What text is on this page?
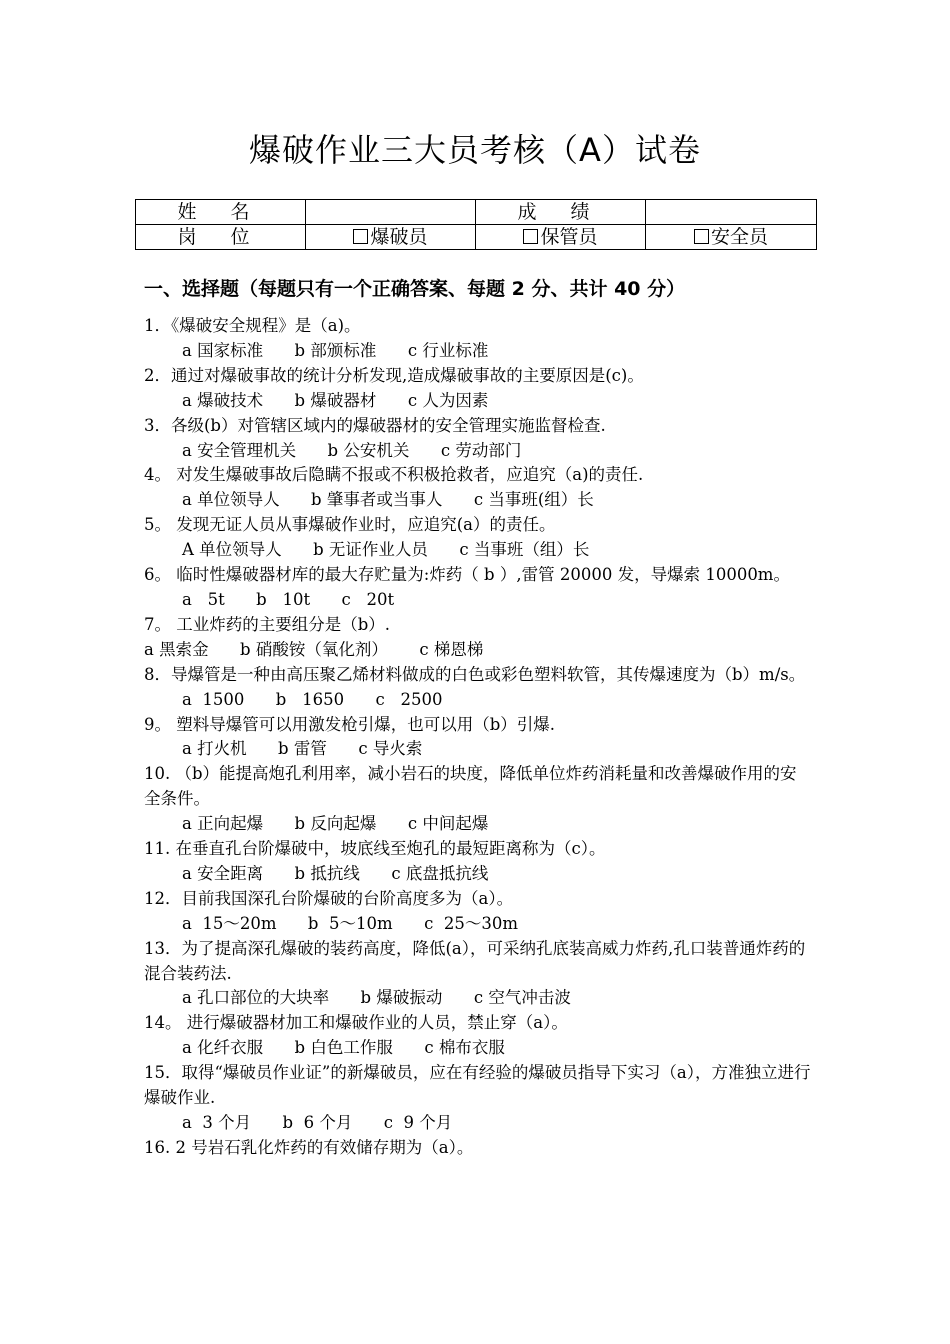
爆破作业三大员考核（A）试卷
姓 名		成 绩	
岗 位	爆破员	保管员	安全员
一、选择题（每题只有一个正确答案、每题 2 分、共计 40 分）
1．《爆破安全规程》是（a)。
a 国家标准      b 部颁标准      c 行业标准
2．通过对爆破事故的统计分析发现,造成爆破事故的主要原因是(c)。
a 爆破技术      b 爆破器材      c 人为因素
3．各级(b）对管辖区域内的爆破器材的安全管理实施监督检查.
a 安全管理机关      b 公安机关      c 劳动部门
4。 对发生爆破事故后隐瞒不报或不积极抢救者，应追究（a)的责任.
a 单位领导人      b 肇事者或当事人      c 当事班(组）长
5。 发现无证人员从事爆破作业时，应追究(a）的责任。
A 单位领导人      b 无证作业人员      c 当事班（组）长
6。 临时性爆破器材库的最大存贮量为:炸药（ b ）,雷管 20000 发，导爆索 10000m。
a   5t      b   10t      c   20t
7。 工业炸药的主要组分是（b）.
a 黑索金      b 硝酸铵（氧化剂）      c 梯恩梯
8．导爆管是一种由高压聚乙烯材料做成的白色或彩色塑料软管，其传爆速度为（b）m/s。
a  1500      b   1650      c   2500
9。 塑料导爆管可以用激发枪引爆，也可以用（b）引爆.
a 打火机      b 雷管      c 导火索
10. （b）能提高炮孔利用率，减小岩石的块度，降低单位炸药消耗量和改善爆破作用的安全条件。
a 正向起爆      b 反向起爆      c 中间起爆
11. 在垂直孔台阶爆破中，坡底线至炮孔的最短距离称为（c）。
a 安全距离      b 抵抗线      c 底盘抵抗线
12．目前我国深孔台阶爆破的台阶高度多为（a）。
a  15～20m      b  5～10m      c  25～30m
13．为了提高深孔爆破的装药高度，降低(a），可采纳孔底装高威力炸药,孔口装普通炸药的混合装药法.
a 孔口部位的大块率      b 爆破振动      c 空气冲击波
14。 进行爆破器材加工和爆破作业的人员，禁止穿（a）。
a 化纤衣服      b 白色工作服      c 棉布衣服
15．取得“爆破员作业证”的新爆破员，应在有经验的爆破员指导下实习（a），方准独立进行爆破作业.
a  3 个月      b  6 个月      c  9 个月
16. 2 号岩石乳化炸药的有效储存期为（a）。
